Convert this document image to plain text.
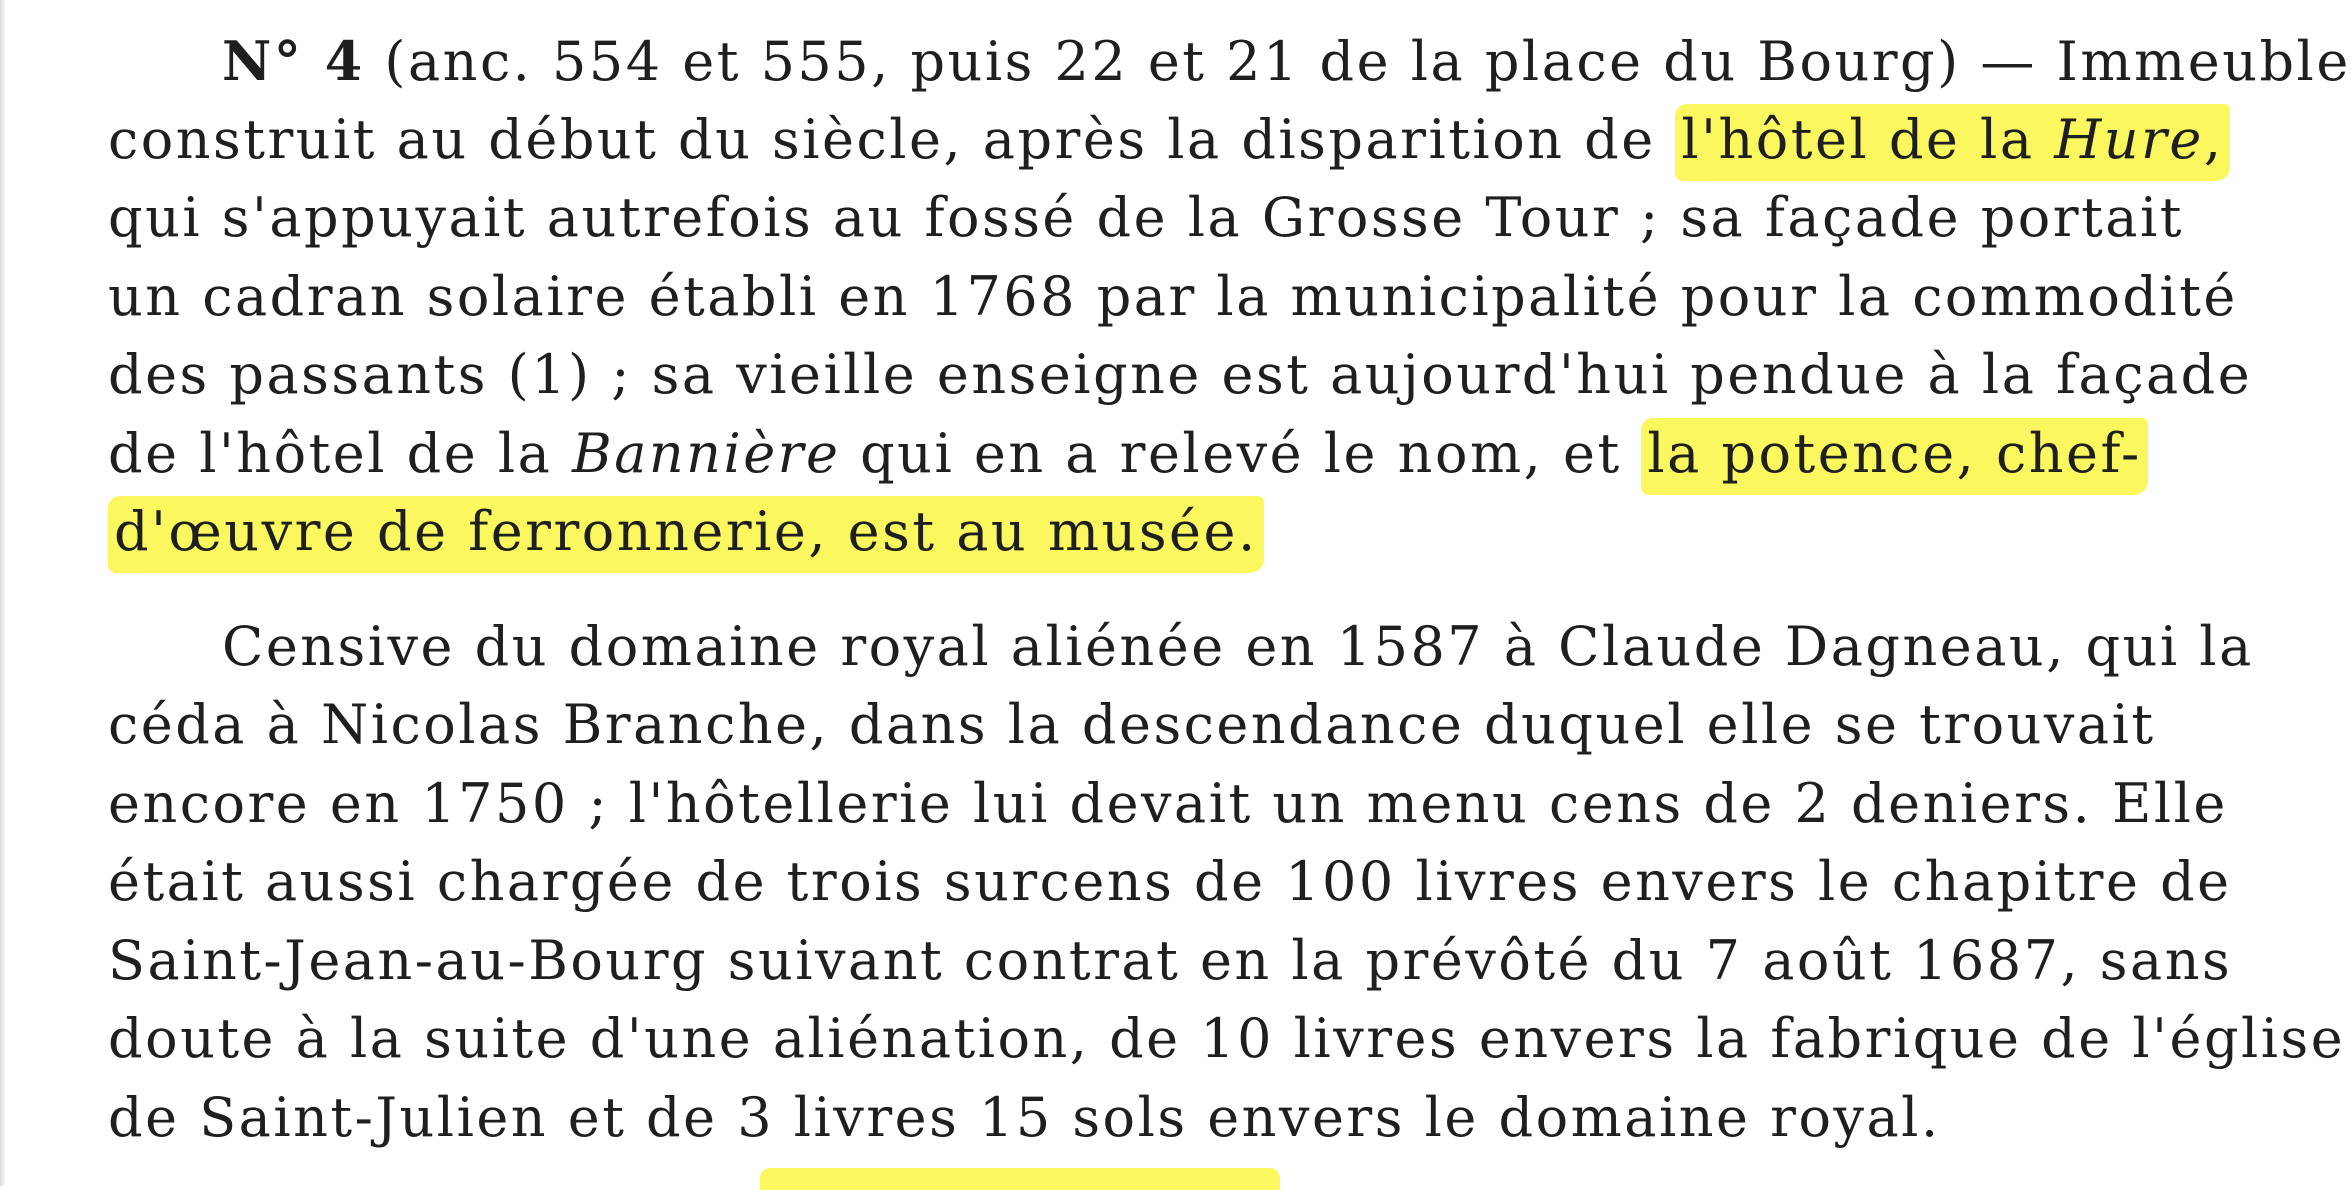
N° 4 (anc. 554 et 555, puis 22 et 21 de la place du Bourg) — Immeuble
construit au début du siècle, après la disparition de l'hôtel de la Hure,
qui s'appuyait autrefois au fossé de la Grosse Tour ; sa façade portait
un cadran solaire établi en 1768 par la municipalité pour la commodité
des passants (1) ; sa vieille enseigne est aujourd'hui pendue à la façade
de l'hôtel de la Bannière qui en a relevé le nom, et la potence, chef-
d'œuvre de ferronnerie, est au musée.
Censive du domaine royal aliénée en 1587 à Claude Dagneau, qui la
céda à Nicolas Branche, dans la descendance duquel elle se trouvait
encore en 1750 ; l'hôtellerie lui devait un menu cens de 2 deniers. Elle
était aussi chargée de trois surcens de 100 livres envers le chapitre de
Saint-Jean-au-Bourg suivant contrat en la prévôté du 7 août 1687, sans
doute à la suite d'une aliénation, de 10 livres envers la fabrique de l'église
de Saint-Julien et de 3 livres 15 sols envers le domaine royal.
